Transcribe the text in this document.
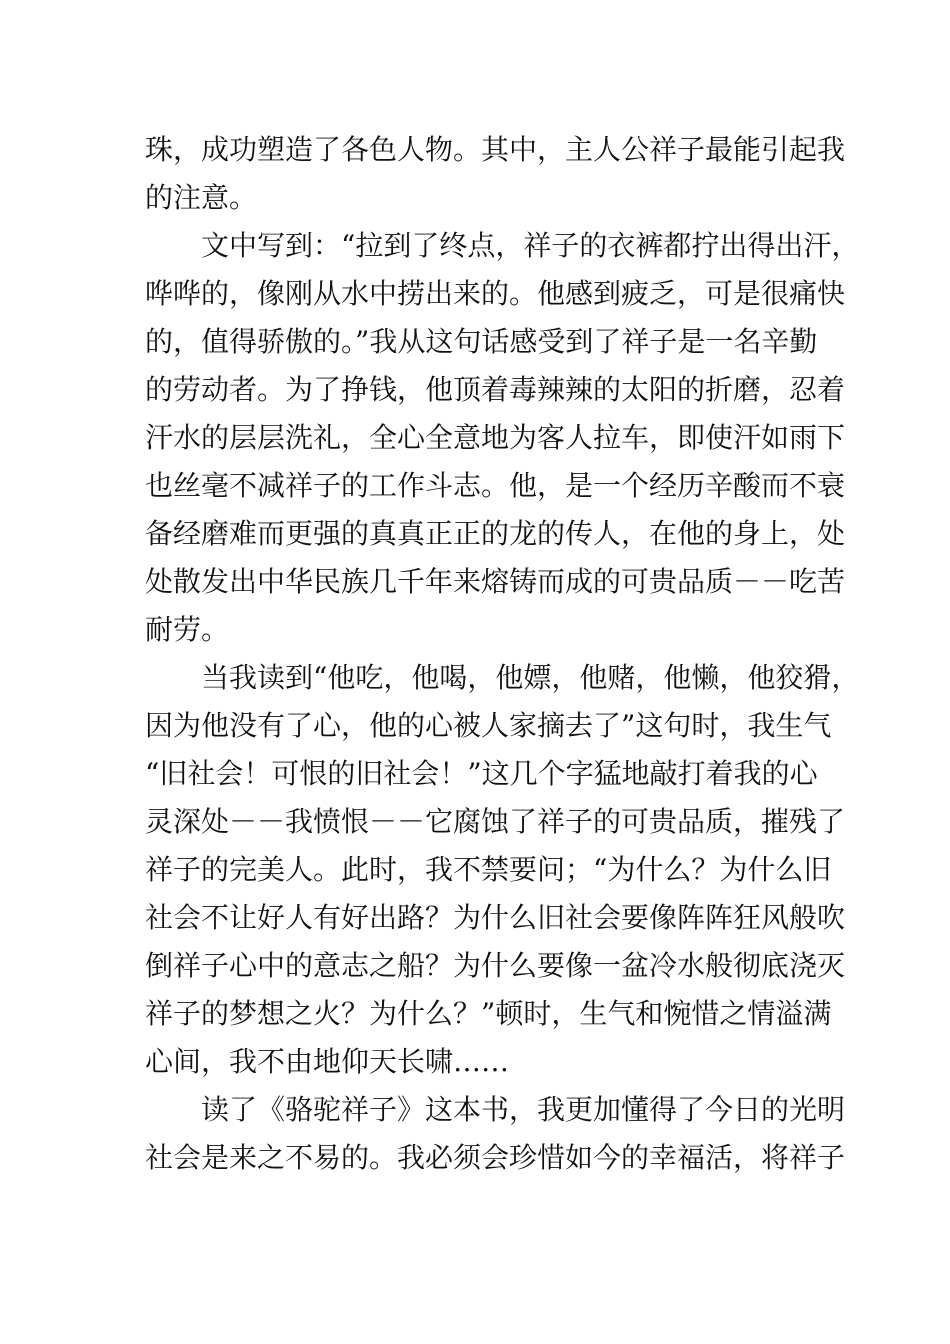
珠，成功塑造了各色人物。其中，主人公祥子最能引起我
的注意。
文中写到：“拉到了终点，祥子的衣裤都拧出得出汗，
哗哗的，像刚从水中捞出来的。他感到疲乏，可是很痛快
的，值得骄傲的。”我从这句话感受到了祥子是一名辛勤
的劳动者。为了挣钱，他顶着毒辣辣的太阳的折磨，忍着
汗水的层层洗礼，全心全意地为客人拉车，即使汗如雨下
也丝毫不减祥子的工作斗志。他，是一个经历辛酸而不衰
备经磨难而更强的真真正正的龙的传人，在他的身上，处
处散发出中华民族几千年来熔铸而成的可贵品质－－吃苦
耐劳。
当我读到“他吃，他喝，他嫖，他赌，他懒，他狡猾，
因为他没有了心，他的心被人家摘去了”这句时，我生气
“旧社会！可恨的旧社会！”这几个字猛地敲打着我的心
灵深处－－我愤恨－－它腐蚀了祥子的可贵品质，摧残了
祥子的完美人。此时，我不禁要问；“为什么？为什么旧
社会不让好人有好出路？为什么旧社会要像阵阵狂风般吹
倒祥子心中的意志之船？为什么要像一盆冷水般彻底浇灭
祥子的梦想之火？为什么？”顿时，生气和惋惜之情溢满
心间，我不由地仰天长啸……
读了《骆驼祥子》这本书，我更加懂得了今日的光明
社会是来之不易的。我必须会珍惜如今的幸福活，将祥子
